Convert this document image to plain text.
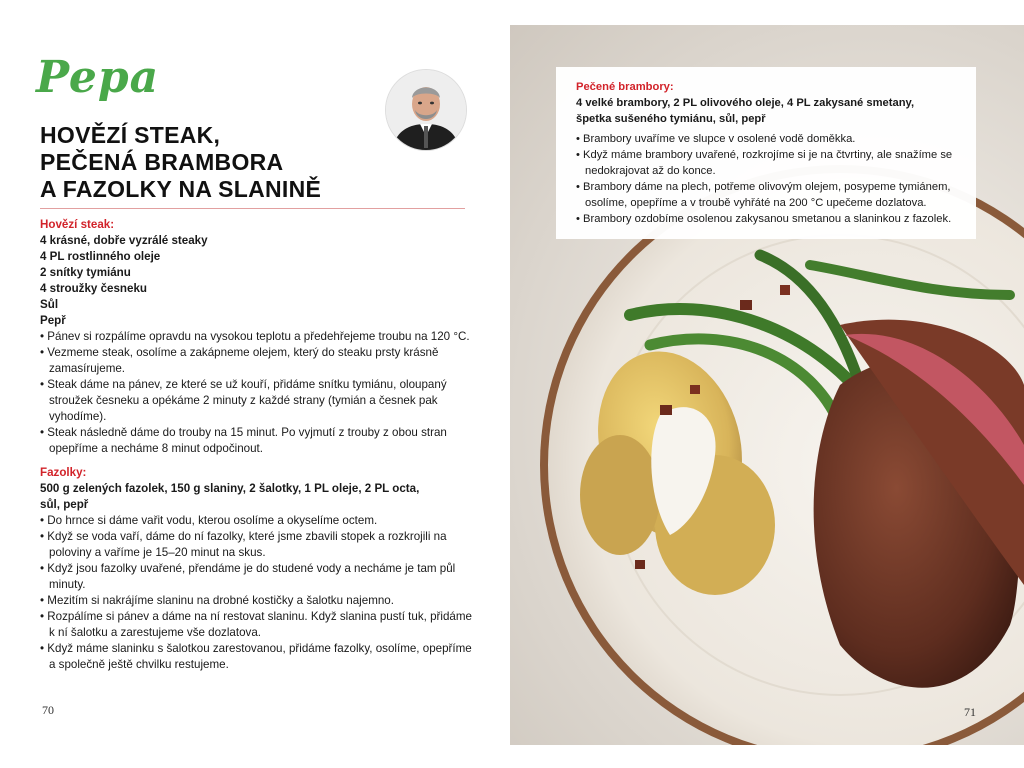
Pepa
HOVĚZÍ STEAK,
PEČENÁ BRAMBORA
A FAZOLKY NA SLANINĚ

Hovězí steak:

4 krásné, dobře vyzrálé steaky

4 PL rostlinného oleje

2 snítky tymiánu

4 stroužky česneku

Sůl

Pepř

• Pánev si rozpálíme opravdu na vysokou teplotu a předehřejeme troubu na 120 °C.

• Vezmeme steak, osolíme a zakápneme olejem, který do steaku prsty krásně zamasírujeme.

• Steak dáme na pánev, ze které se už kouří, přidáme snítku tymiánu, oloupaný stroužek česneku a opékáme 2 minuty z každé strany (tymián a česnek pak vyhodíme).

• Steak následně dáme do trouby na 15 minut. Po vyjmutí z trouby z obou stran opepříme a necháme 8 minut odpočinout.

Fazolky:

500 g zelených fazolek, 150 g slaniny, 2 šalotky, 1 PL oleje, 2 PL octa,

sůl, pepř

• Do hrnce si dáme vařit vodu, kterou osolíme a okyselíme octem.

• Když se voda vaří, dáme do ní fazolky, které jsme zbavili stopek a rozkrojili na poloviny a vaříme je 15–20 minut na skus.

• Když jsou fazolky uvařené, přendáme je do studené vody a necháme je tam půl minuty.

• Mezitím si nakrájíme slaninu na drobné kostičky a šalotku najemno.

• Rozpálíme si pánev a dáme na ní restovat slaninu. Když slanina pustí tuk, přidáme k ní šalotku a zarestujeme vše dozlatova.

• Když máme slaninku s šalotkou zarestovanou, přidáme fazolky, osolíme, opepříme a společně ještě chvilku restujeme.

70

Pečené brambory:

4 velké brambory, 2 PL olivového oleje, 4 PL zakysané smetany,

špetka sušeného tymiánu, sůl, pepř

• Brambory uvaříme ve slupce v osolené vodě doměkka.

• Když máme brambory uvařené, rozkrojíme si je na čtvrtiny, ale snažíme se nedokrajovat až do konce.

• Brambory dáme na plech, potřeme olivovým olejem, posypeme tymiánem, osolíme, opepříme a v troubě vyhřáté na 200 °C upečeme dozlatova.

• Brambory ozdobíme osolenou zakysanou smetanou a slaninkou z fazolek.

71
